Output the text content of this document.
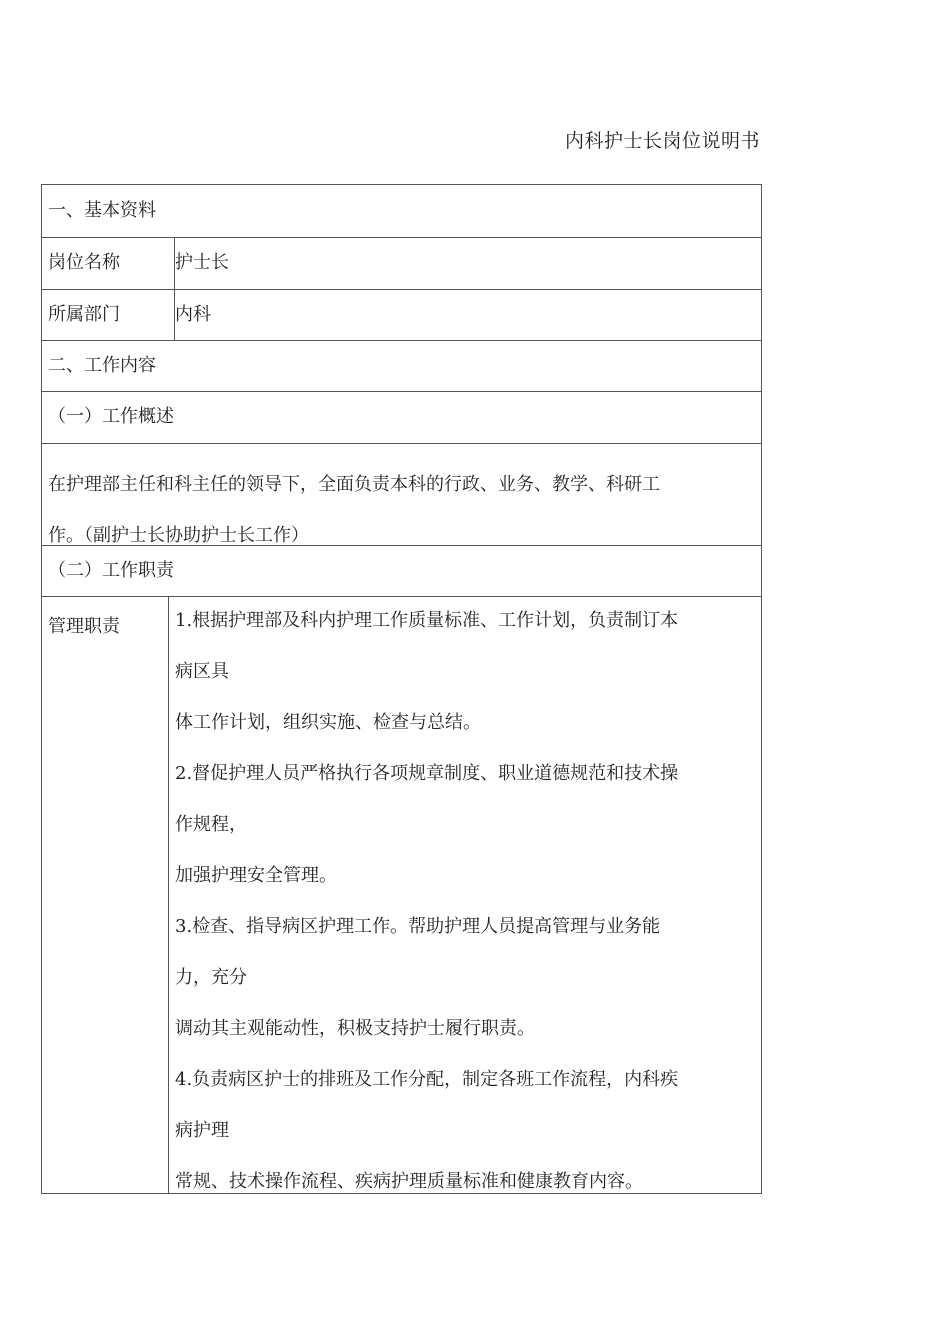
内科护士长岗位说明书
一、基本资料
岗位名称	护士长
所属部门	内科
二、工作内容
（一）工作概述

在护理部主任和科主任的领导下，全面负责本科的行政、业务、教学、科研工
作。（副护士长协助护士长工作）

（二）工作职责
管理职责	1.根据护理部及科内护理工作质量标准、工作计划，负责制订本
病区具
体工作计划，组织实施、检查与总结。
2.督促护理人员严格执行各项规章制度、职业道德规范和技术操
作规程，
加强护理安全管理。
3.检查、指导病区护理工作。帮助护理人员提高管理与业务能
力，充分
调动其主观能动性，积极支持护士履行职责。
4.负责病区护士的排班及工作分配，制定各班工作流程，内科疾
病护理
常规、技术操作流程、疾病护理质量标准和健康教育内容。
